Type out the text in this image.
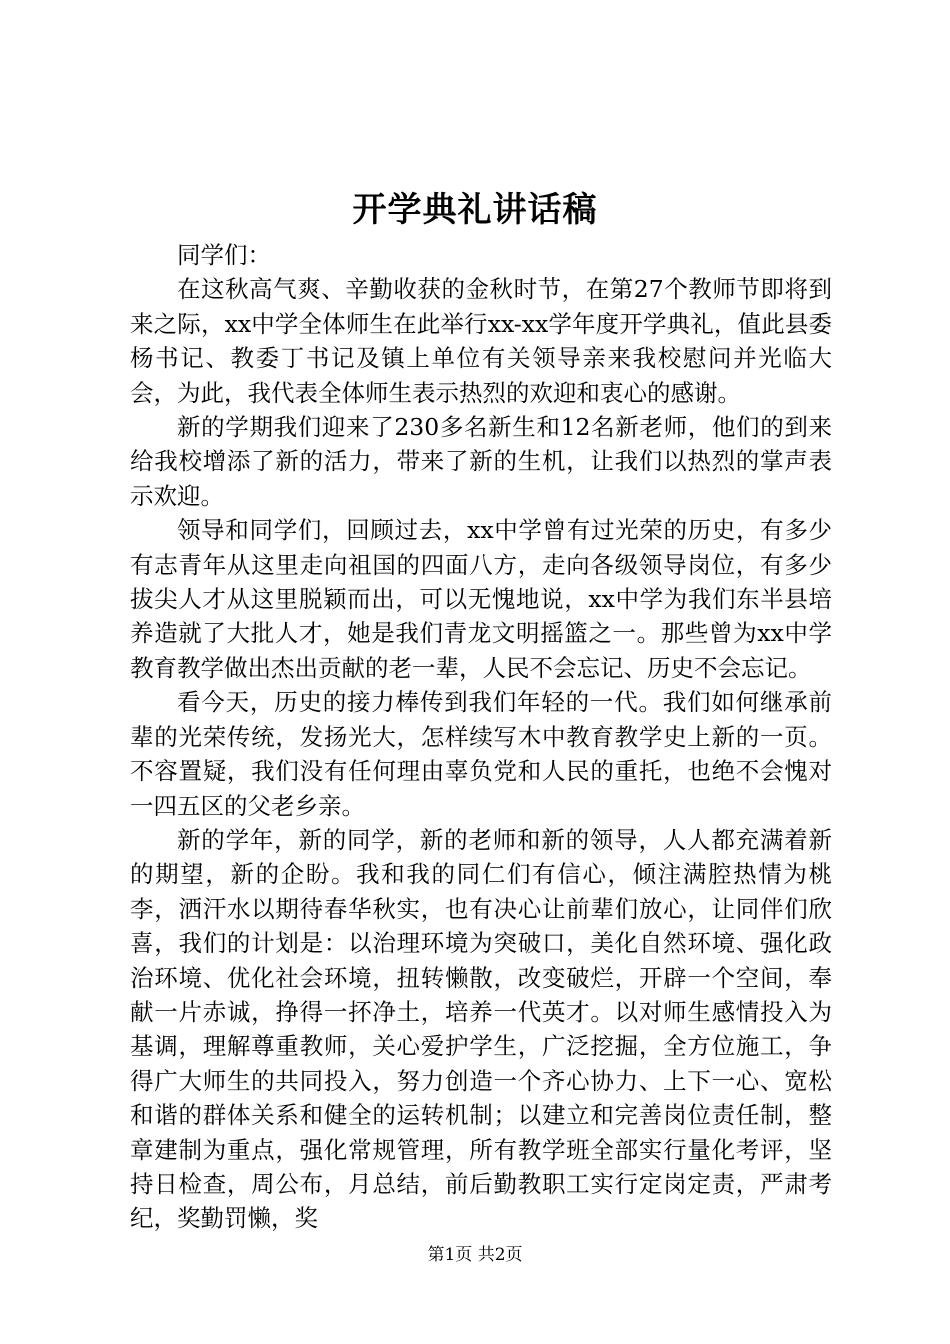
开学典礼讲话稿

同学们：

在这秋高气爽、辛勤收获的金秋时节，在第27个教师节即将到来之际，xx中学全体师生在此举行xx-xx学年度开学典礼，值此县委杨书记、教委丁书记及镇上单位有关领导亲来我校慰问并光临大会，为此，我代表全体师生表示热烈的欢迎和衷心的感谢。

新的学期我们迎来了230多名新生和12名新老师，他们的到来给我校增添了新的活力，带来了新的生机，让我们以热烈的掌声表示欢迎。

领导和同学们，回顾过去，xx中学曾有过光荣的历史，有多少有志青年从这里走向祖国的四面八方，走向各级领导岗位，有多少拔尖人才从这里脱颖而出，可以无愧地说，xx中学为我们东半县培养造就了大批人才，她是我们青龙文明摇篮之一。那些曾为xx中学教育教学做出杰出贡献的老一辈，人民不会忘记、历史不会忘记。

看今天，历史的接力棒传到我们年轻的一代。我们如何继承前辈的光荣传统，发扬光大，怎样续写木中教育教学史上新的一页。不容置疑，我们没有任何理由辜负党和人民的重托，也绝不会愧对一四五区的父老乡亲。

新的学年，新的同学，新的老师和新的领导，人人都充满着新的期望，新的企盼。我和我的同仁们有信心，倾注满腔热情为桃李，洒汗水以期待春华秋实，也有决心让前辈们放心，让同伴们欣喜，我们的计划是：以治理环境为突破口，美化自然环境、强化政治环境、优化社会环境，扭转懒散，改变破烂，开辟一个空间，奉献一片赤诚，挣得一抔净土，培养一代英才。以对师生感情投入为基调，理解尊重教师，关心爱护学生，广泛挖掘，全方位施工，争得广大师生的共同投入，努力创造一个齐心协力、上下一心、宽松和谐的群体关系和健全的运转机制；以建立和完善岗位责任制，整章建制为重点，强化常规管理，所有教学班全部实行量化考评，坚持日检查，周公布，月总结，前后勤教职工实行定岗定责，严肃考纪，奖勤罚懒，奖

第1页 共2页
